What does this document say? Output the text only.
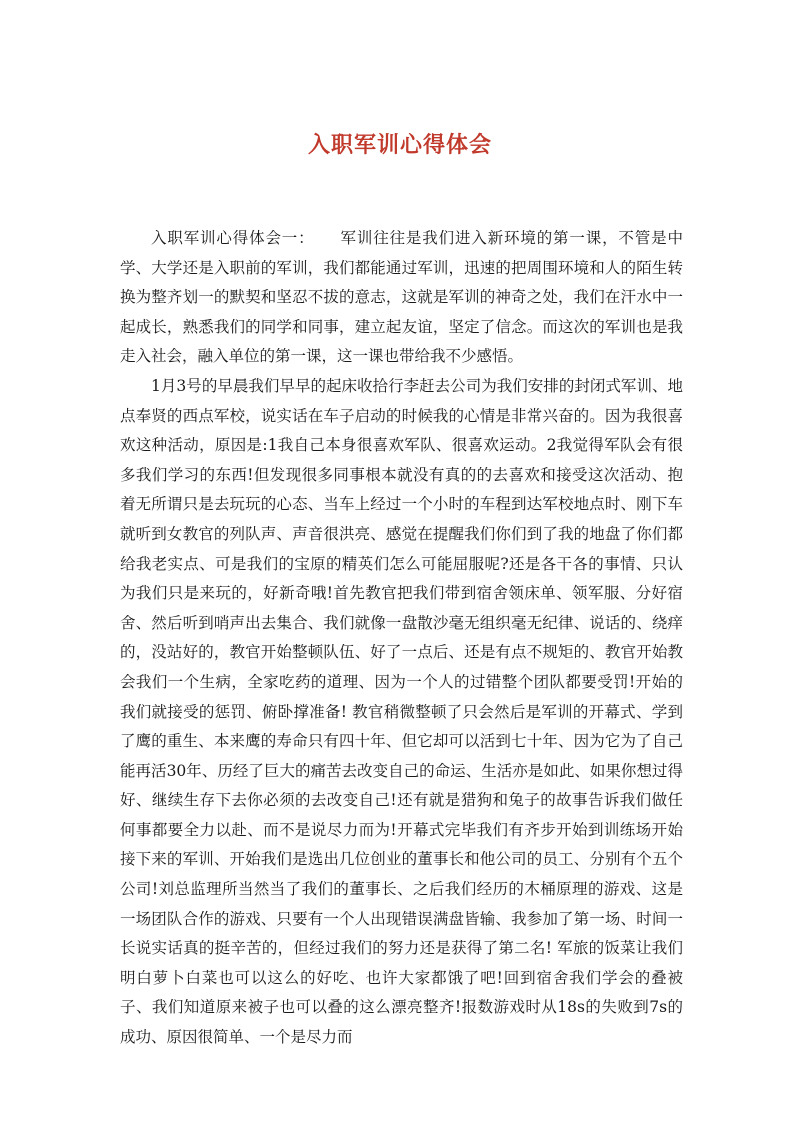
入职军训心得体会

入职军训心得体会一： 军训往往是我们进入新环境的第一课，不管是中学、大学还是入职前的军训，我们都能通过军训，迅速的把周围环境和人的陌生转换为整齐划一的默契和坚忍不拔的意志，这就是军训的神奇之处，我们在汗水中一起成长，熟悉我们的同学和同事，建立起友谊，坚定了信念。而这次的军训也是我走入社会，融入单位的第一课，这一课也带给我不少感悟。

1月3号的早晨我们早早的起床收拾行李赶去公司为我们安排的封闭式军训、地点奉贤的西点军校，说实话在车子启动的时候我的心情是非常兴奋的。因为我很喜欢这种活动，原因是:1我自己本身很喜欢军队、很喜欢运动。2我觉得军队会有很多我们学习的东西!但发现很多同事根本就没有真的的去喜欢和接受这次活动、抱着无所谓只是去玩玩的心态、当车上经过一个小时的车程到达军校地点时、刚下车就听到女教官的列队声、声音很洪亮、感觉在提醒我们你们到了我的地盘了你们都给我老实点、可是我们的宝原的精英们怎么可能屈服呢?还是各干各的事情、只认为我们只是来玩的，好新奇哦!首先教官把我们带到宿舍领床单、领军服、分好宿舍、然后听到哨声出去集合、我们就像一盘散沙毫无组织毫无纪律、说话的、绕痒的，没站好的，教官开始整顿队伍、好了一点后、还是有点不规矩的、教官开始教会我们一个生病，全家吃药的道理、因为一个人的过错整个团队都要受罚!开始的我们就接受的惩罚、俯卧撑准备! 教官稍微整顿了只会然后是军训的开幕式、学到了鹰的重生、本来鹰的寿命只有四十年、但它却可以活到七十年、因为它为了自己能再活30年、历经了巨大的痛苦去改变自己的命运、生活亦是如此、如果你想过得好、继续生存下去你必须的去改变自己!还有就是猎狗和兔子的故事告诉我们做任何事都要全力以赴、而不是说尽力而为!开幕式完毕我们有齐步开始到训练场开始接下来的军训、开始我们是选出几位创业的董事长和他公司的员工、分别有个五个公司!刘总监理所当然当了我们的董事长、之后我们经历的木桶原理的游戏、这是一场团队合作的游戏、只要有一个人出现错误满盘皆输、我参加了第一场、时间一长说实话真的挺辛苦的，但经过我们的努力还是获得了第二名! 军旅的饭菜让我们明白萝卜白菜也可以这么的好吃、也许大家都饿了吧!回到宿舍我们学会的叠被子、我们知道原来被子也可以叠的这么漂亮整齐!报数游戏时从18s的失败到7s的成功、原因很简单、一个是尽力而
